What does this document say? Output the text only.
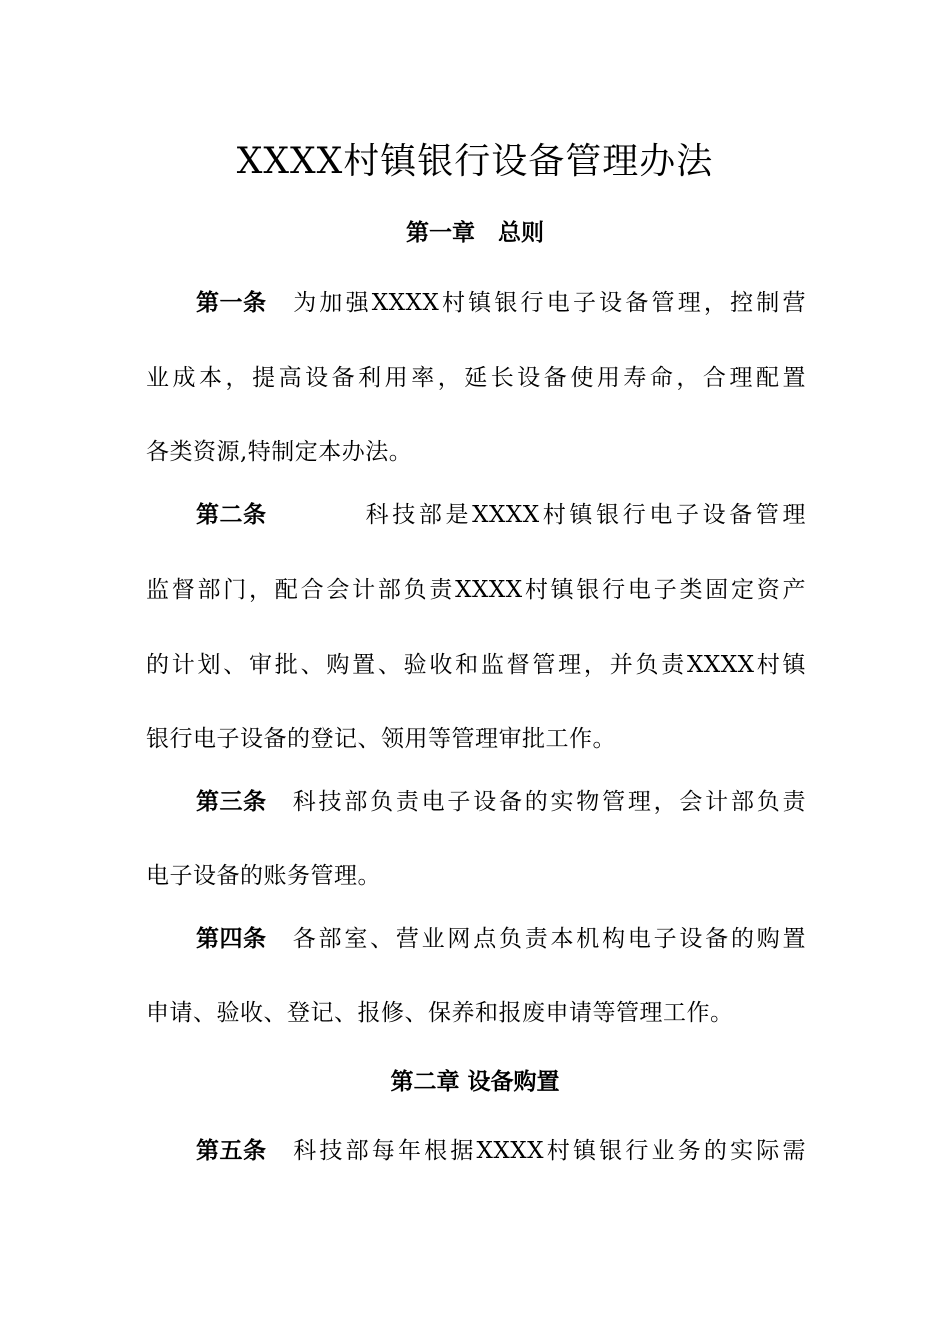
XXXX村镇银行设备管理办法
第一章　总则
第一条 为加强XXXX村镇银行电子设备管理，控制营
业成本，提高设备利用率，延长设备使用寿命，合理配置
各类资源,特制定本办法。
第二条	科技部是XXXX村镇银行电子设备管理
监督部门，配合会计部负责XXXX村镇银行电子类固定资产
的计划、审批、购置、验收和监督管理，并负责XXXX村镇
银行电子设备的登记、领用等管理审批工作。
第三条 科技部负责电子设备的实物管理，会计部负责
电子设备的账务管理。
第四条 各部室、营业网点负责本机构电子设备的购置
申请、验收、登记、报修、保养和报废申请等管理工作。
第二章 设备购置
第五条 科技部每年根据XXXX村镇银行业务的实际需
